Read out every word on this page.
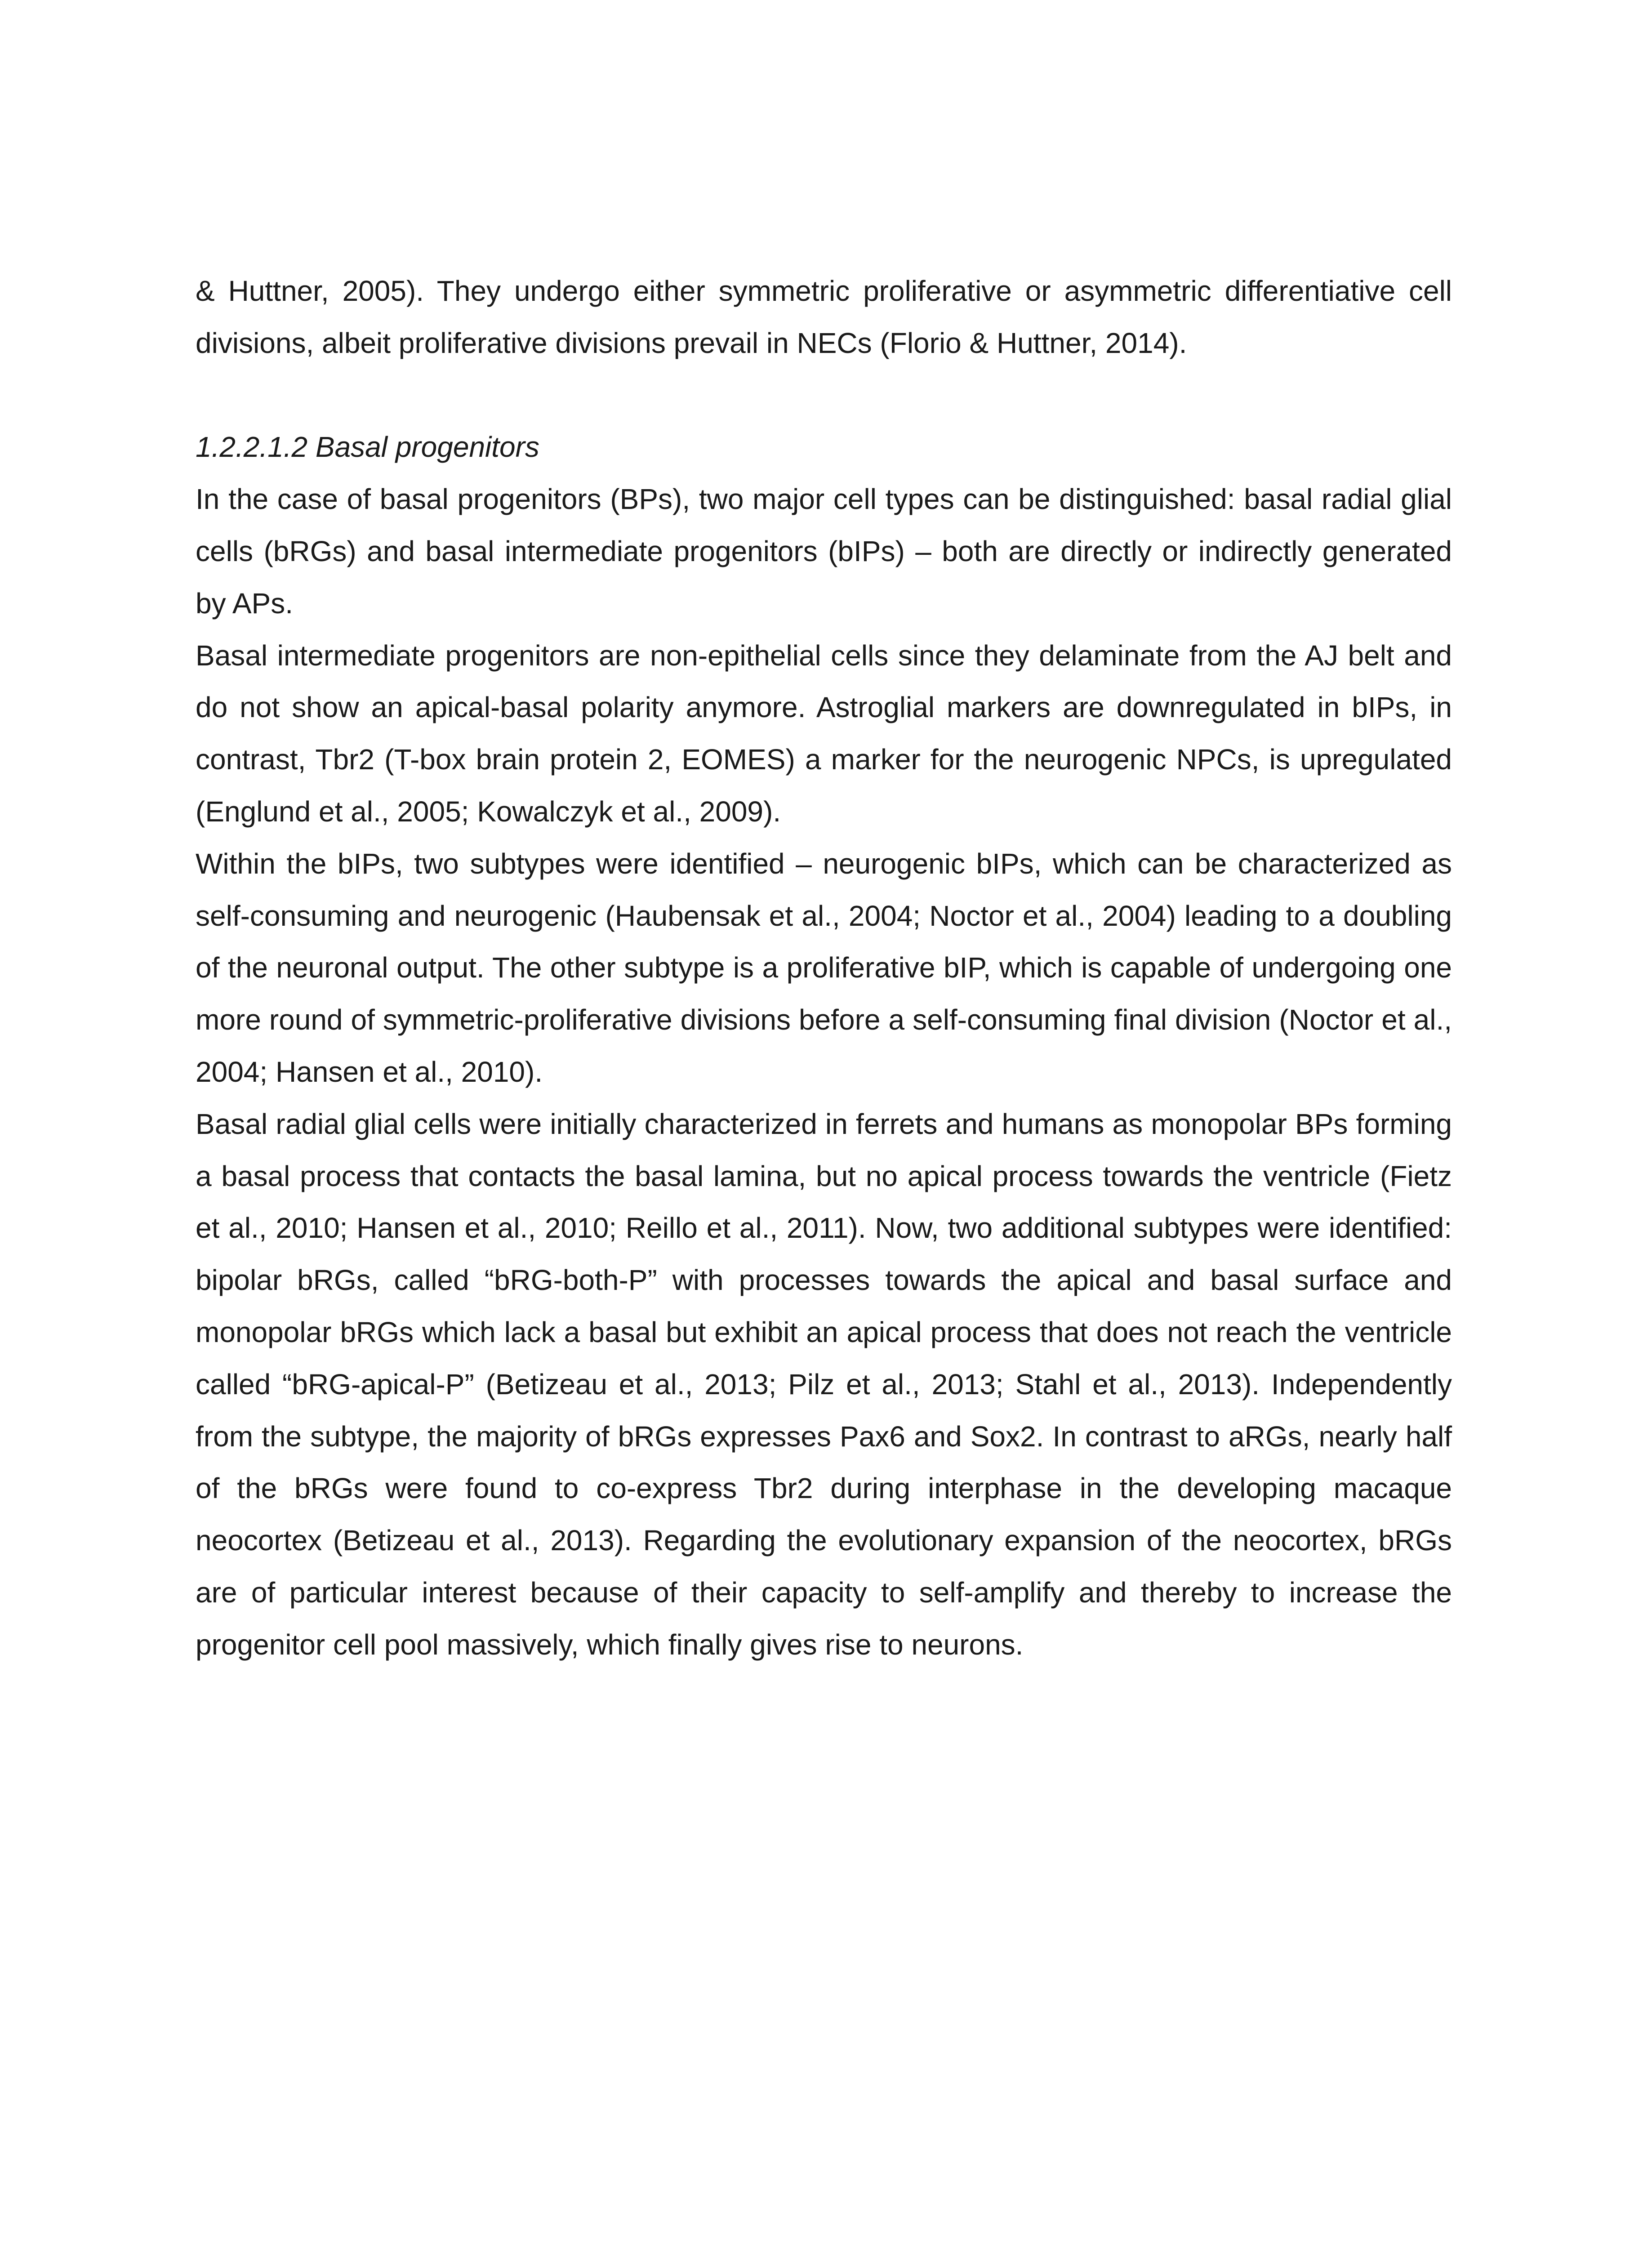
& Huttner, 2005). They undergo either symmetric proliferative or asymmetric differentiative cell divisions, albeit proliferative divisions prevail in NECs (Florio & Huttner, 2014).

1.2.2.1.2 Basal progenitors

In the case of basal progenitors (BPs), two major cell types can be distinguished: basal radial glial cells (bRGs) and basal intermediate progenitors (bIPs) – both are directly or indirectly generated by APs.

Basal intermediate progenitors are non-epithelial cells since they delaminate from the AJ belt and do not show an apical-basal polarity anymore. Astroglial markers are downregulated in bIPs, in contrast, Tbr2 (T-box brain protein 2, EOMES) a marker for the neurogenic NPCs, is upregulated (Englund et al., 2005; Kowalczyk et al., 2009).

Within the bIPs, two subtypes were identified – neurogenic bIPs, which can be characterized as self-consuming and neurogenic (Haubensak et al., 2004; Noctor et al., 2004) leading to a doubling of the neuronal output. The other subtype is a proliferative bIP, which is capable of undergoing one more round of symmetric-proliferative divisions before a self-consuming final division (Noctor et al., 2004; Hansen et al., 2010).

Basal radial glial cells were initially characterized in ferrets and humans as monopolar BPs forming a basal process that contacts the basal lamina, but no apical process towards the ventricle (Fietz et al., 2010; Hansen et al., 2010; Reillo et al., 2011). Now, two additional subtypes were identified: bipolar bRGs, called “bRG-both-P” with processes towards the apical and basal surface and monopolar bRGs which lack a basal but exhibit an apical process that does not reach the ventricle called “bRG-apical-P” (Betizeau et al., 2013; Pilz et al., 2013; Stahl et al., 2013). Independently from the subtype, the majority of bRGs expresses Pax6 and Sox2. In contrast to aRGs, nearly half of the bRGs were found to co-express Tbr2 during interphase in the developing macaque neocortex (Betizeau et al., 2013). Regarding the evolutionary expansion of the neocortex, bRGs are of particular interest because of their capacity to self-amplify and thereby to increase the progenitor cell pool massively, which finally gives rise to neurons.
